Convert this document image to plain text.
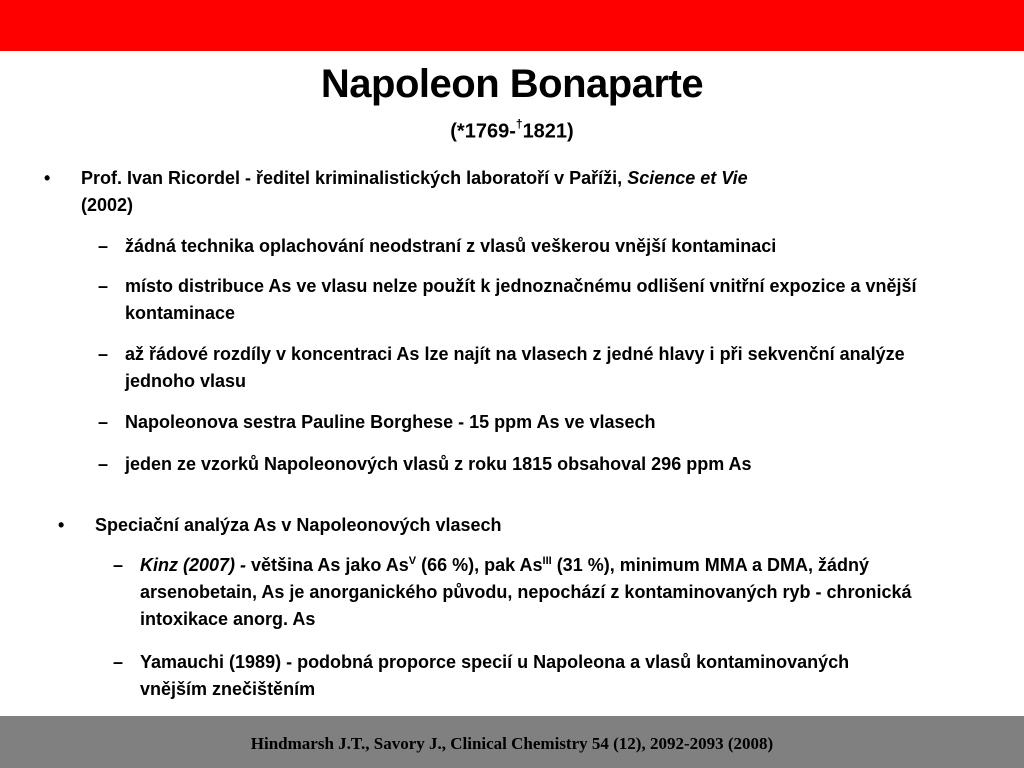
Napoleon Bonaparte
(*1769-†1821)
• Prof. Ivan Ricordel - ředitel kriminalistických laboratoří v Paříži, Science et Vie
(2002)
– žádná technika oplachování neodstraní z vlasů veškerou vnější kontaminaci
– místo distribuce As ve vlasu nelze použít k jednoznačnému odlišení vnitřní expozice a vnější kontaminace
– až řádové rozdíly v koncentraci As lze najít na vlasech z jedné hlavy i při sekvenční analýze jednoho vlasu
– Napoleonova sestra Pauline Borghese - 15 ppm As ve vlasech
– jeden ze vzorků Napoleonových vlasů z roku 1815 obsahoval 296 ppm As
• Speciační analýza As v Napoleonových vlasech
– Kinz (2007) - většina As jako $As^V$ (66 %), pak $As^{III}$ (31 %), minimum MMA a DMA, žádný arsenobetain, As je anorganického původu, nepochází z kontaminovaných ryb - chronická intoxikace anorg. As
– Yamauchi (1989) - podobná proporce specií u Napoleona a vlasů kontaminovaných vnějším znečištěním
Hindmarsh J.T., Savory J., Clinical Chemistry 54 (12), 2092-2093 (2008)
